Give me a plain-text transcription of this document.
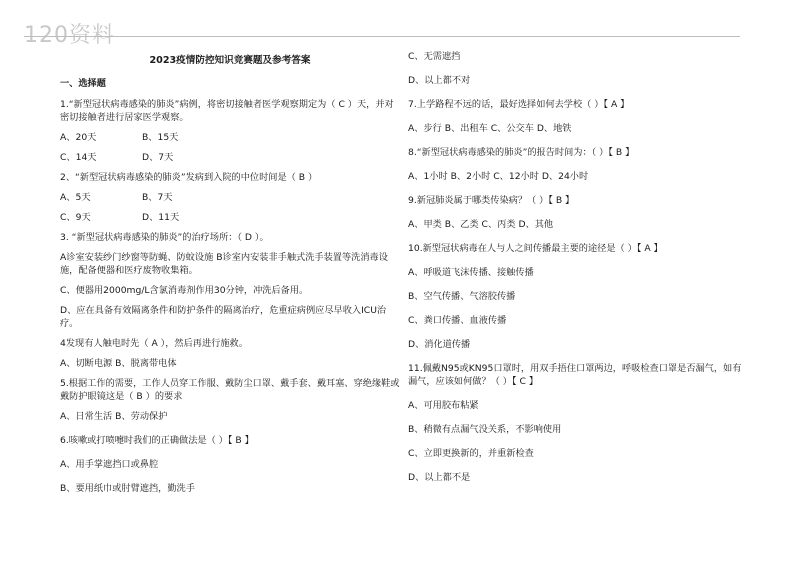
120资料
2023疫情防控知识竞赛题及参考答案
一、选择题

1.“新型冠状病毒感染的肺炎”病例，将密切接触者医学观察期定为（ C ）天，并对密切接触者进行居家医学观察。

A、20天	B、15天
C、14天	D、7天

2、“新型冠状病毒感染的肺炎”发病到入院的中位时间是（ B ）

A、5天	B、7天
C、9天	D、11天

3. “新型冠状病毒感染的肺炎”的治疗场所：（ D ）。

A诊室安装纱门纱窗等防蝇、防蚊设施 B诊室内安装非手触式洗手装置等洗消毒设施，配备便器和医疗废物收集箱。

C、便器用2000mg/L含氯消毒剂作用30分钟，冲洗后备用。

D、应在具备有效隔离条件和防护条件的隔离治疗，危重症病例应尽早收入ICU治疗。

4发现有人触电时先（ A ），然后再进行施救。

A、切断电源 B、脱离带电体

5.根据工作的需要，工作人员穿工作服、戴防尘口罩、戴手套、戴耳塞、穿绝缘鞋或戴防护眼镜这是（ B ）的要求

A、日常生活 B、劳动保护

6.咳嗽或打喷嚏时我们的正确做法是（ ）【 B 】

A、用手掌遮挡口或鼻腔

B、要用纸巾或肘臂遮挡，勤洗手

C、无需遮挡

D、以上都不对

7.上学路程不远的话，最好选择如何去学校（ ）【 A 】

A、步行 B、出租车 C、公交车 D、地铁

8.“新型冠状病毒感染的肺炎”的报告时间为：（ ）【 B 】

A、1小时 B、2小时 C、12小时 D、24小时

9.新冠肺炎属于哪类传染病？（ ）【 B 】

A、甲类 B、乙类 C、丙类 D、其他

10.新型冠状病毒在人与人之间传播最主要的途径是（ ）【 A 】

A、呼吸道飞沫传播、接触传播

B、空气传播、气溶胶传播

C、粪口传播、血液传播

D、消化道传播

11.佩戴N95或KN95口罩时，用双手捂住口罩两边，呼吸检查口罩是否漏气，如有漏气，应该如何做？（ ）【 C 】

A、可用胶布粘紧

B、稍微有点漏气没关系，不影响使用

C、立即更换新的，并重新检查

D、以上都不是
